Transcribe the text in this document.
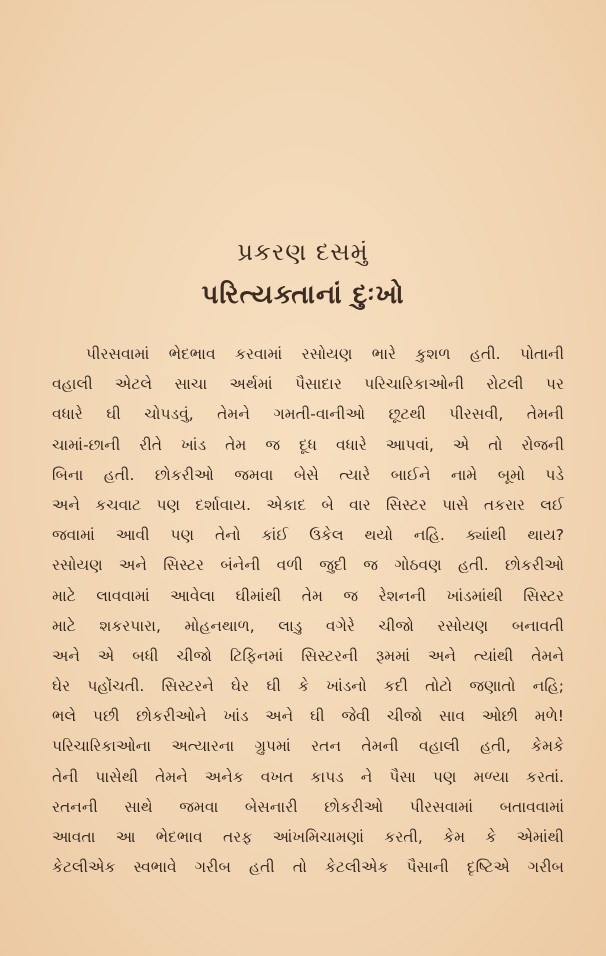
પ્રકરણ દસમું
પરિત્યક્તાનાં દુઃખો
પીરસવામાં ભેદભાવ કરવામાં રસોયણ ભારે કુશળ હતી. પોતાની
વહાલી એટલે સાચા અર્થમાં પૈસાદાર પરિચારિકાઓની રોટલી પર
વધારે ઘી ચોપડવું, તેમને ગમતી-વાનીઓ છૂટથી પીરસવી, તેમની
ચામાં-છાની રીતે ખાંડ તેમ જ દૂધ વધારે આપવાં, એ તો રોજની
બિના હતી. છોકરીઓ જમવા બેસે ત્યારે બાઈને નામે બૂમો પડે
અને કચવાટ પણ દર્શાવાય. એકાદ બે વાર સિસ્ટર પાસે તકરાર લઈ
જવામાં આવી પણ તેનો કાંઈ ઉકેલ થયો નહિ. ક્યાંથી થાય?
રસોયણ અને સિસ્ટર બંનેની વળી જુદી જ ગોઠવણ હતી. છોકરીઓ
માટે લાવવામાં આવેલા ઘીમાંથી તેમ જ રેશનની ખાંડમાંથી સિસ્ટર
માટે શકરપારા, મોહનથાળ, લાડુ વગેરે ચીજો રસોયણ બનાવતી
અને એ બધી ચીજો ટિફિનમાં સિસ્ટરની રૂમમાં અને ત્યાંથી તેમને
ઘેર પહોંચતી. સિસ્ટરને ઘેર ઘી કે ખાંડનો કદી તોટો જણાતો નહિ;
ભલે પછી છોકરીઓને ખાંડ અને ઘી જેવી ચીજો સાવ ઓછી મળે!
પરિચારિકાઓના અત્યારના ગ્રુપમાં રતન તેમની વહાલી હતી, કેમકે
તેની પાસેથી તેમને અનેક વખત કાપડ ને પૈસા પણ મળ્યા કરતાં.
રતનની સાથે જમવા બેસનારી છોકરીઓ પીરસવામાં બતાવવામાં
આવતા આ ભેદભાવ તરફ આંખમિચામણાં કરતી, કેમ કે એમાંથી
કેટલીએક સ્વભાવે ગરીબ હતી તો કેટલીએક પૈસાની દૃષ્ટિએ ગરીબ
